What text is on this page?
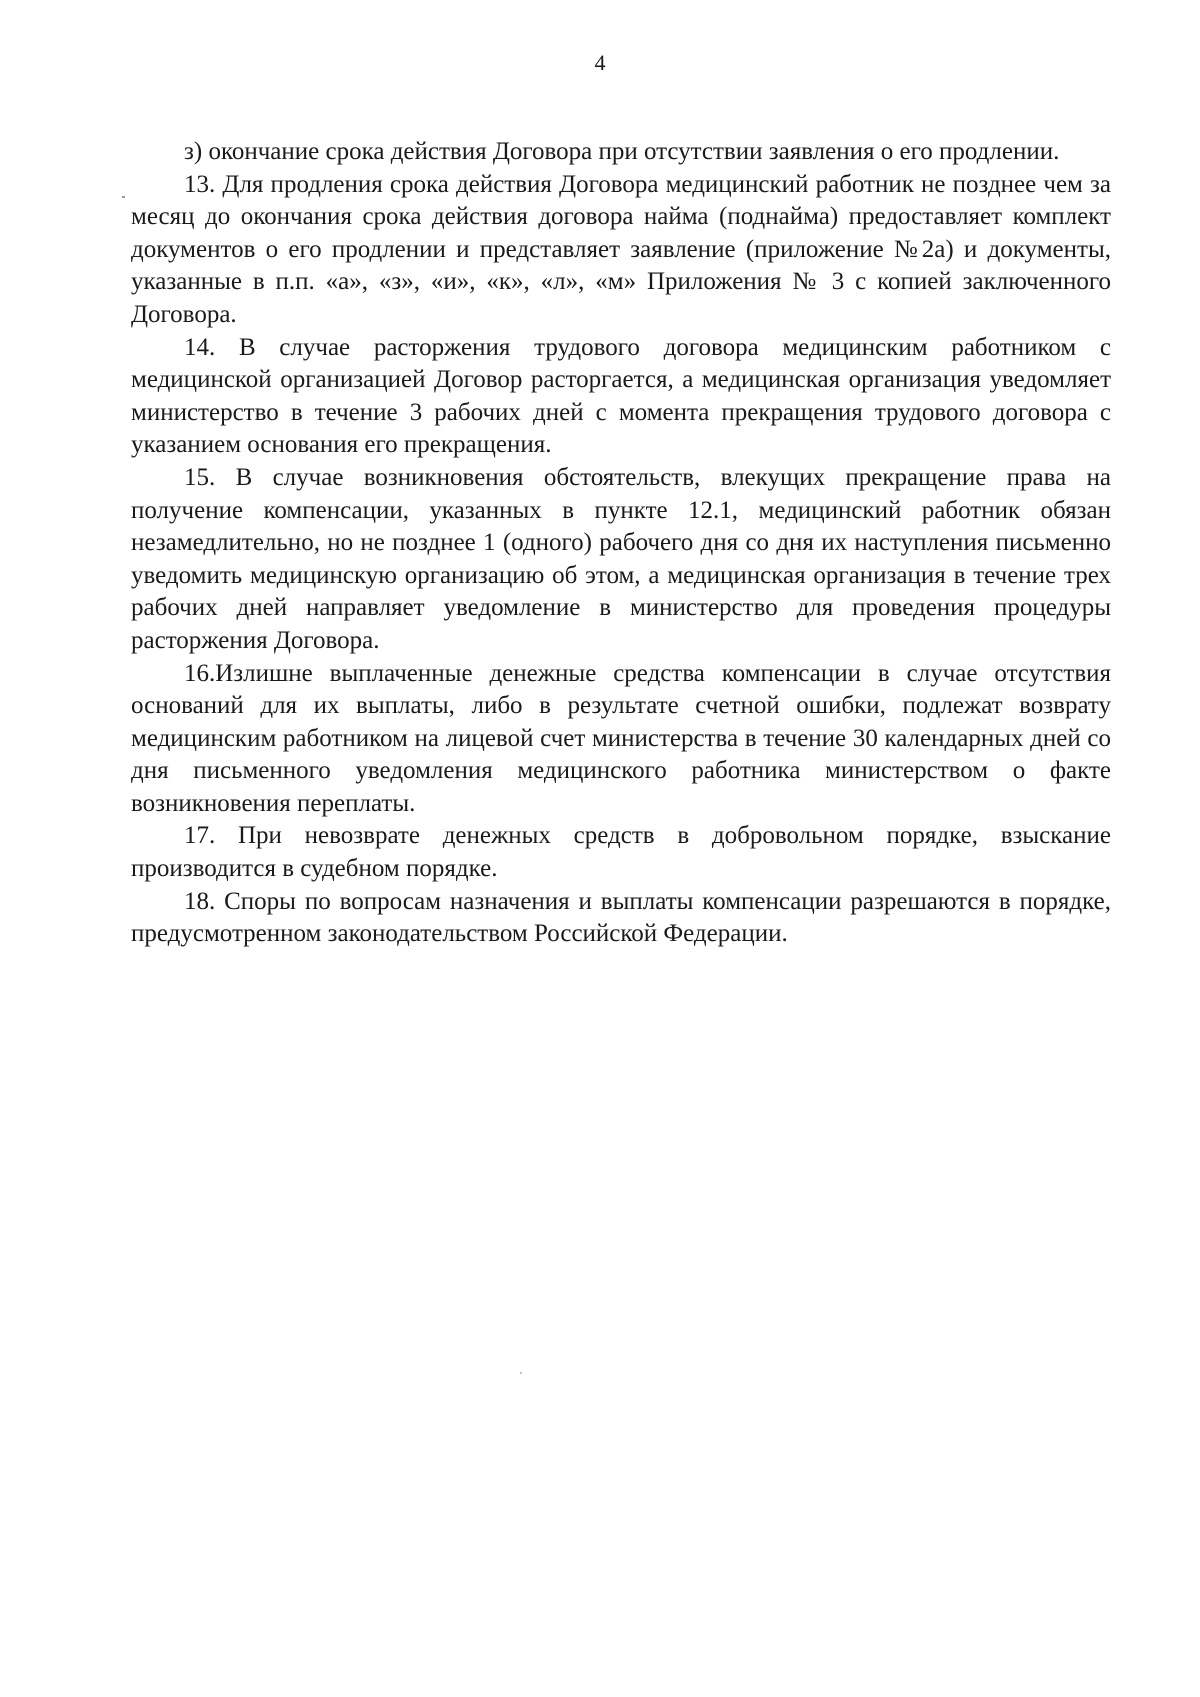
4

з) окончание срока действия Договора при отсутствии заявления о его продлении.

13. Для продления срока действия Договора медицинский работник не позднее чем за месяц до окончания срока действия договора найма (поднайма) предоставляет комплект документов о его продлении и представляет заявление (приложение №2а) и документы, указанные в п.п. «а», «з», «и», «к», «л», «м» Приложения № 3 с копией заключенного Договора.

14. В случае расторжения трудового договора медицинским работником с медицинской организацией Договор расторгается, а медицинская организация уведомляет министерство в течение 3 рабочих дней с момента прекращения трудового договора с указанием основания его прекращения.

15. В случае возникновения обстоятельств, влекущих прекращение права на получение компенсации, указанных в пункте 12.1, медицинский работник обязан незамедлительно, но не позднее 1 (одного) рабочего дня со дня их наступления письменно уведомить медицинскую организацию об этом, а медицинская организация в течение трех рабочих дней направляет уведомление в министерство для проведения процедуры расторжения Договора.

16.Излишне выплаченные денежные средства компенсации в случае отсутствия оснований для их выплаты, либо в результате счетной ошибки, подлежат возврату медицинским работником на лицевой счет министерства в течение 30 календарных дней со дня письменного уведомления медицинского работника министерством о факте возникновения переплаты.

17. При невозврате денежных средств в добровольном порядке, взыскание производится в судебном порядке.

18. Споры по вопросам назначения и выплаты компенсации разрешаются в порядке, предусмотренном законодательством Российской Федерации.
